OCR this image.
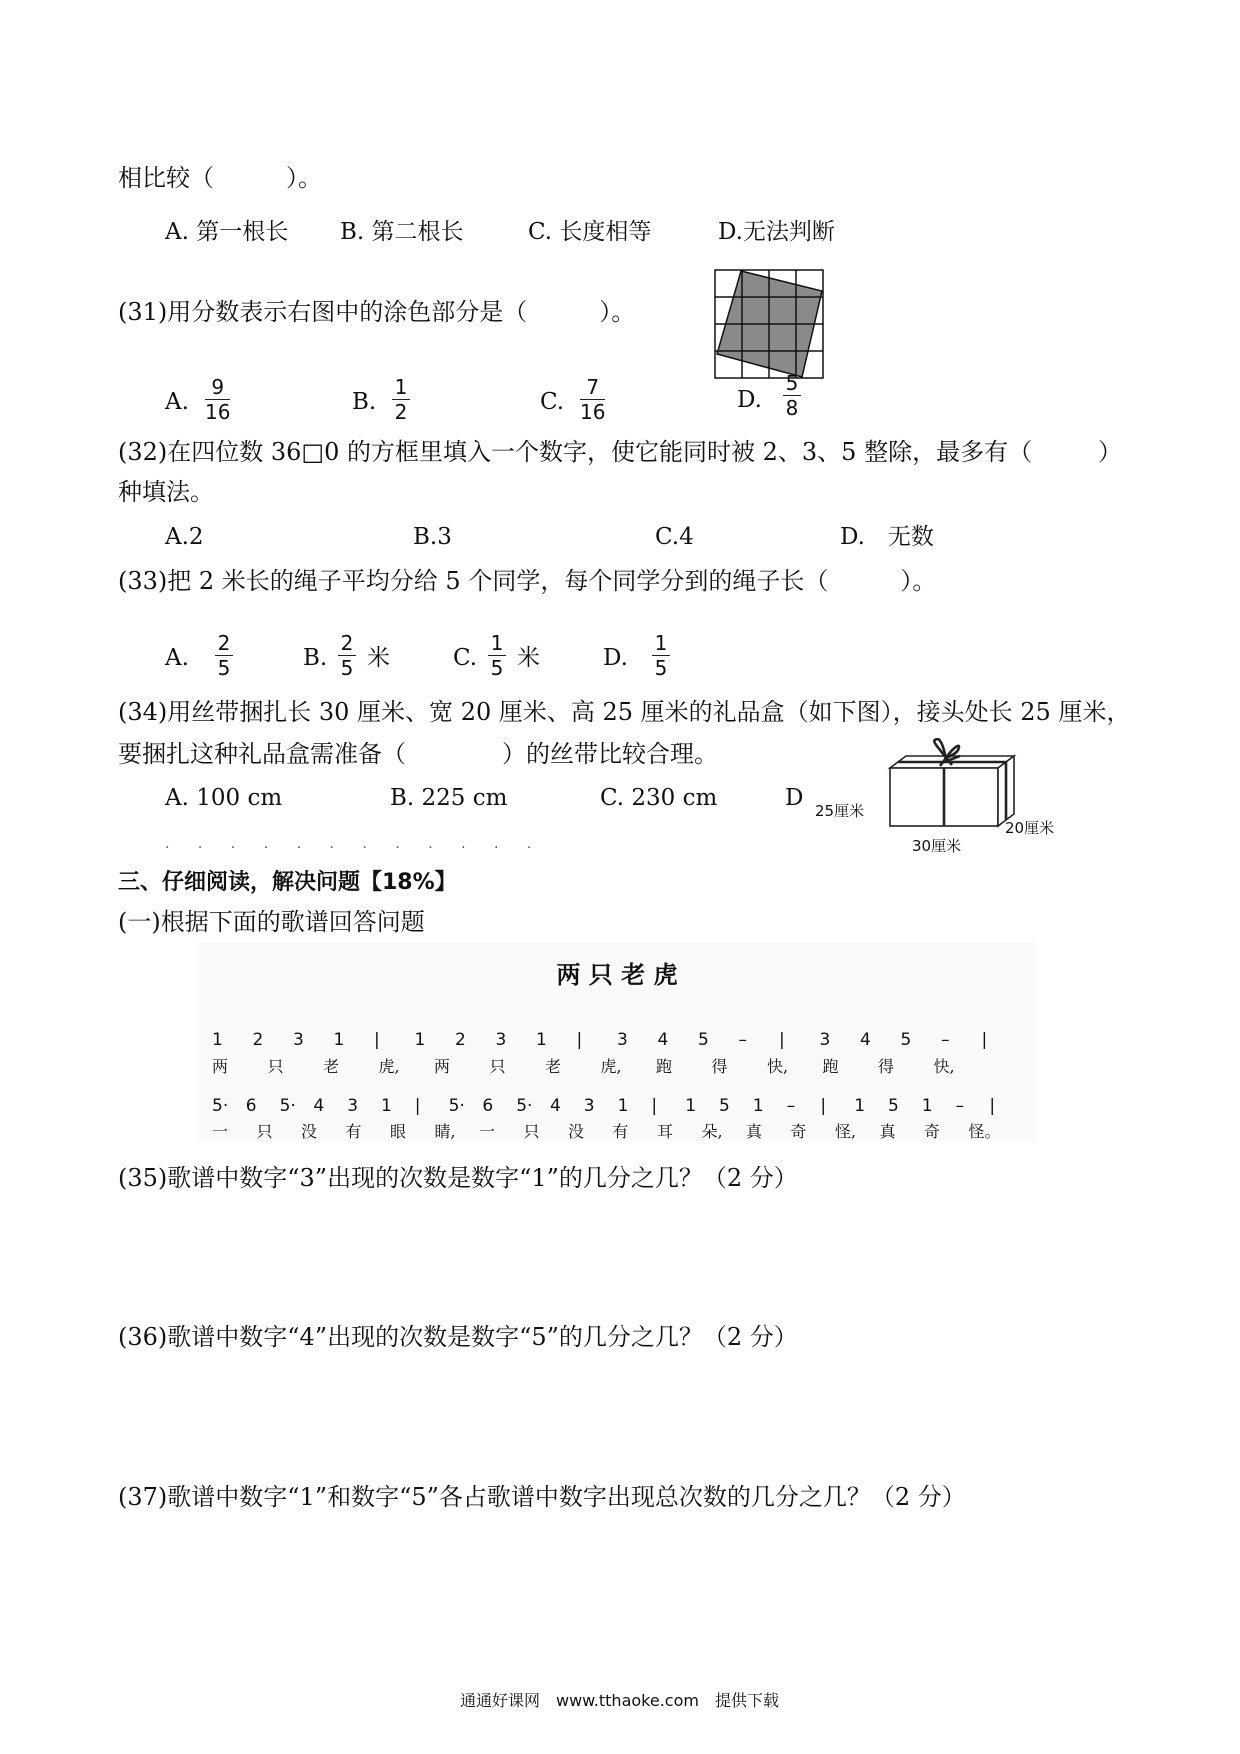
相比较（　　　）。
A. 第一根长 B. 第二根长	C. 长度相等	D.无法判断
(31)用分数表示右图中的涂色部分是（　　　）。
A.
9
16	B.
1
2	C.
7
16	D.
5
8
(32)在四位数 36□0 的方框里填入一个数字，使它能同时被 2、3、5 整除，最多有（	）
种填法。
A.2	B.3	C.4	D.　无数
(33)把 2 米长的绳子平均分给 5 个同学，每个同学分到的绳子长（　　　）。
A.
2
5	B.
2
5 米	C.
1
5 米	D.
1
5
(34)用丝带捆扎长 30 厘米、宽 20 厘米、高 25 厘米的礼品盒（如下图），接头处长 25 厘米，
要捆扎这种礼品盒需准备（　　　　）的丝带比较合理。
A. 100 cm	B. 225 cm	C. 230 cm	D 25厘米
30厘米
20厘米
. . . . . . . . . . . .
三、仔细阅读，解决问题【18%】
(一)根据下面的歌谱回答问题
两 只 老 虎
1 2 3 1 | 1 2 3 1 | 3 4 5 – | 3 4 5 – |
两 只 老 虎, 两 只 老 虎, 跑 得 快, 跑 得 快,
5· 6 5· 4 3 1 | 5· 6 5· 4 3 1 | 1 5 1 – | 1 5 1 – |
一 只 没 有 眼 睛, 一 只 没 有 耳 朵, 真 奇 怪, 真 奇 怪。
(35)歌谱中数字“3”出现的次数是数字“1”的几分之几？（2 分）
(36)歌谱中数字“4”出现的次数是数字“5”的几分之几？（2 分）
(37)歌谱中数字“1”和数字“5”各占歌谱中数字出现总次数的几分之几？（2 分）
通通好课网　www.tthaoke.com　提供下载
